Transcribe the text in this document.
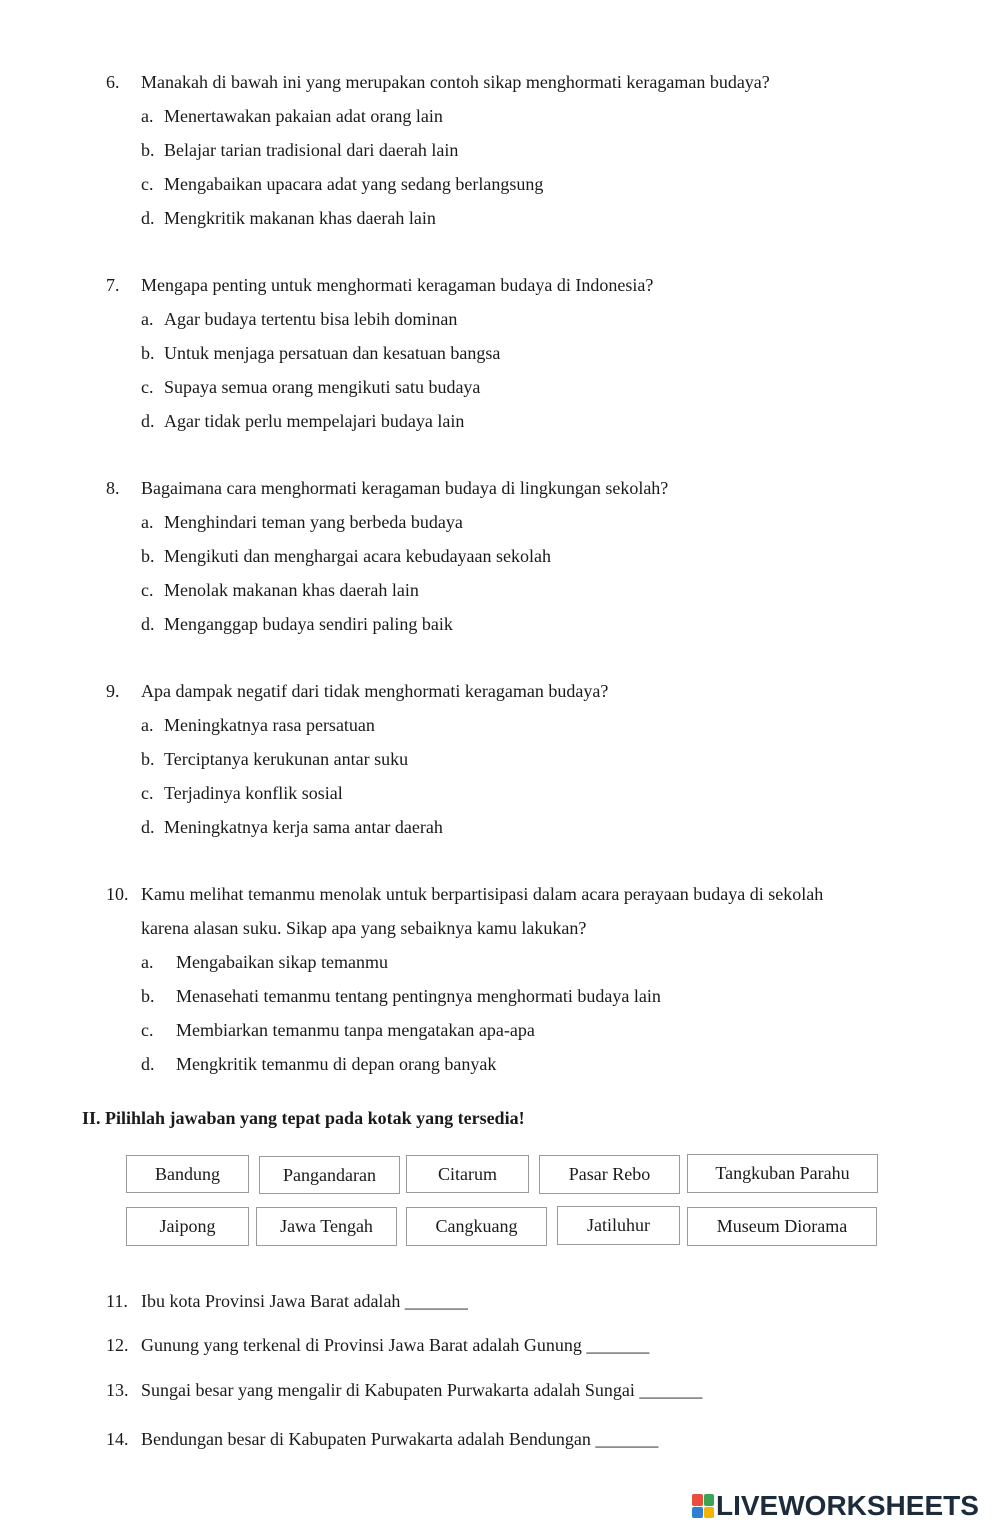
6. Manakah di bawah ini yang merupakan contoh sikap menghormati keragaman budaya?
a. Menertawakan pakaian adat orang lain
b. Belajar tarian tradisional dari daerah lain
c. Mengabaikan upacara adat yang sedang berlangsung
d. Mengkritik makanan khas daerah lain
7. Mengapa penting untuk menghormati keragaman budaya di Indonesia?
a. Agar budaya tertentu bisa lebih dominan
b. Untuk menjaga persatuan dan kesatuan bangsa
c. Supaya semua orang mengikuti satu budaya
d. Agar tidak perlu mempelajari budaya lain
8. Bagaimana cara menghormati keragaman budaya di lingkungan sekolah?
a. Menghindari teman yang berbeda budaya
b. Mengikuti dan menghargai acara kebudayaan sekolah
c. Menolak makanan khas daerah lain
d. Menganggap budaya sendiri paling baik
9. Apa dampak negatif dari tidak menghormati keragaman budaya?
a. Meningkatnya rasa persatuan
b. Terciptanya kerukunan antar suku
c. Terjadinya konflik sosial
d. Meningkatnya kerja sama antar daerah
10. Kamu melihat temanmu menolak untuk berpartisipasi dalam acara perayaan budaya di sekolah
karena alasan suku. Sikap apa yang sebaiknya kamu lakukan?
a. Mengabaikan sikap temanmu
b. Menasehati temanmu tentang pentingnya menghormati budaya lain
c. Membiarkan temanmu tanpa mengatakan apa-apa
d. Mengkritik temanmu di depan orang banyak
II. Pilihlah jawaban yang tepat pada kotak yang tersedia!
Bandung	Pangandaran	Citarum	Pasar Rebo	Tangkuban Parahu
Jaipong	Jawa Tengah	Cangkuang	Jatiluhur	Museum Diorama
11. Ibu kota Provinsi Jawa Barat adalah _______
12. Gunung yang terkenal di Provinsi Jawa Barat adalah Gunung _______
13. Sungai besar yang mengalir di Kabupaten Purwakarta adalah Sungai _______
14. Bendungan besar di Kabupaten Purwakarta adalah Bendungan _______
LIVEWORKSHEETS
